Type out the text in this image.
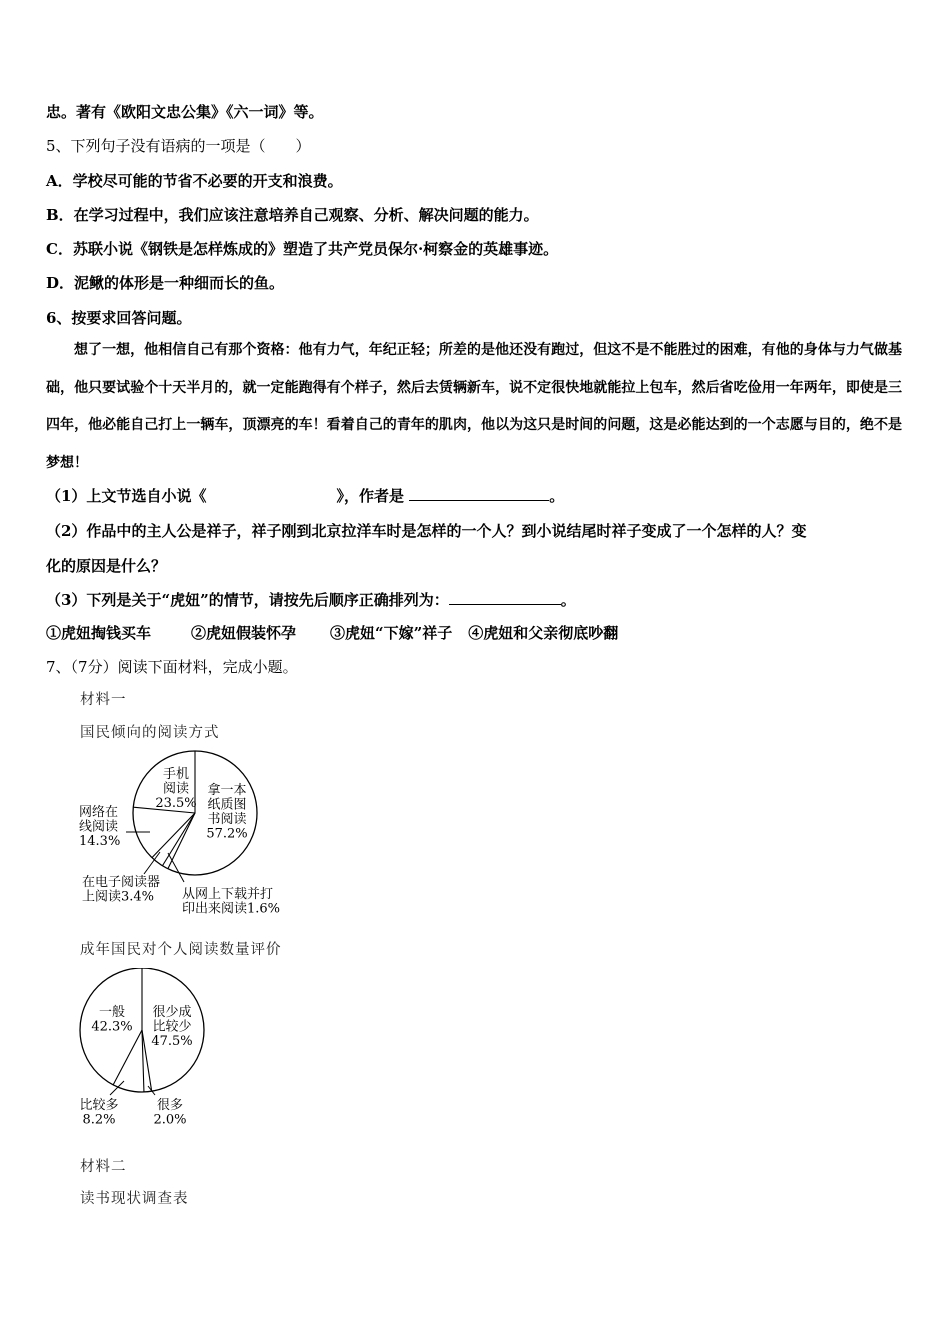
忠。著有《欧阳文忠公集》《六一词》等。
5、下列句子没有语病的一项是（　　）
A．学校尽可能的节省不必要的开支和浪费。
B．在学习过程中，我们应该注意培养自己观察、分析、解决问题的能力。
C．苏联小说《钢铁是怎样炼成的》塑造了共产党员保尔·柯察金的英雄事迹。
D．泥鳅的体形是一种细而长的鱼。
6、按要求回答问题。

想了一想，他相信自己有那个资格：他有力气，年纪正轻；所差的是他还没有跑过，但这不是不能胜过的困难，有他的身体与力气做基础，他只要试验个十天半月的，就一定能跑得有个样子，然后去赁辆新车，说不定很快地就能拉上包车，然后省吃俭用一年两年，即使是三四年，他必能自己打上一辆车，顶漂亮的车！看着自己的青年的肌肉，他以为这只是时间的问题，这是必能达到的一个志愿与目的，绝不是梦想！

（1）上文节选自小说《	》，作者是	。
（2）作品中的主人公是祥子，祥子刚到北京拉洋车时是怎样的一个人？到小说结尾时祥子变成了一个怎样的人？变
化的原因是什么？
（3）下列是关于“虎妞”的情节，请按先后顺序正确排列为：	。
①虎妞掏钱买车	②虎妞假装怀孕 ③虎妞“下嫁”祥子 ④虎妞和父亲彻底吵翻
7、（7分）阅读下面材料，完成小题。
材料一
国民倾向的阅读方式
拿一本纸质图书阅读 57.2%
从网上下载并打印出来阅读1.6%
在电子阅读器上阅读3.4%
网络在线阅读 14.3%
手机阅读 23.5%
成年国民对个人阅读数量评价
很少成比较少 47.5%
很多 2.0%
比较多 8.2%
一般 42.3%
材料二
读书现状调查表
